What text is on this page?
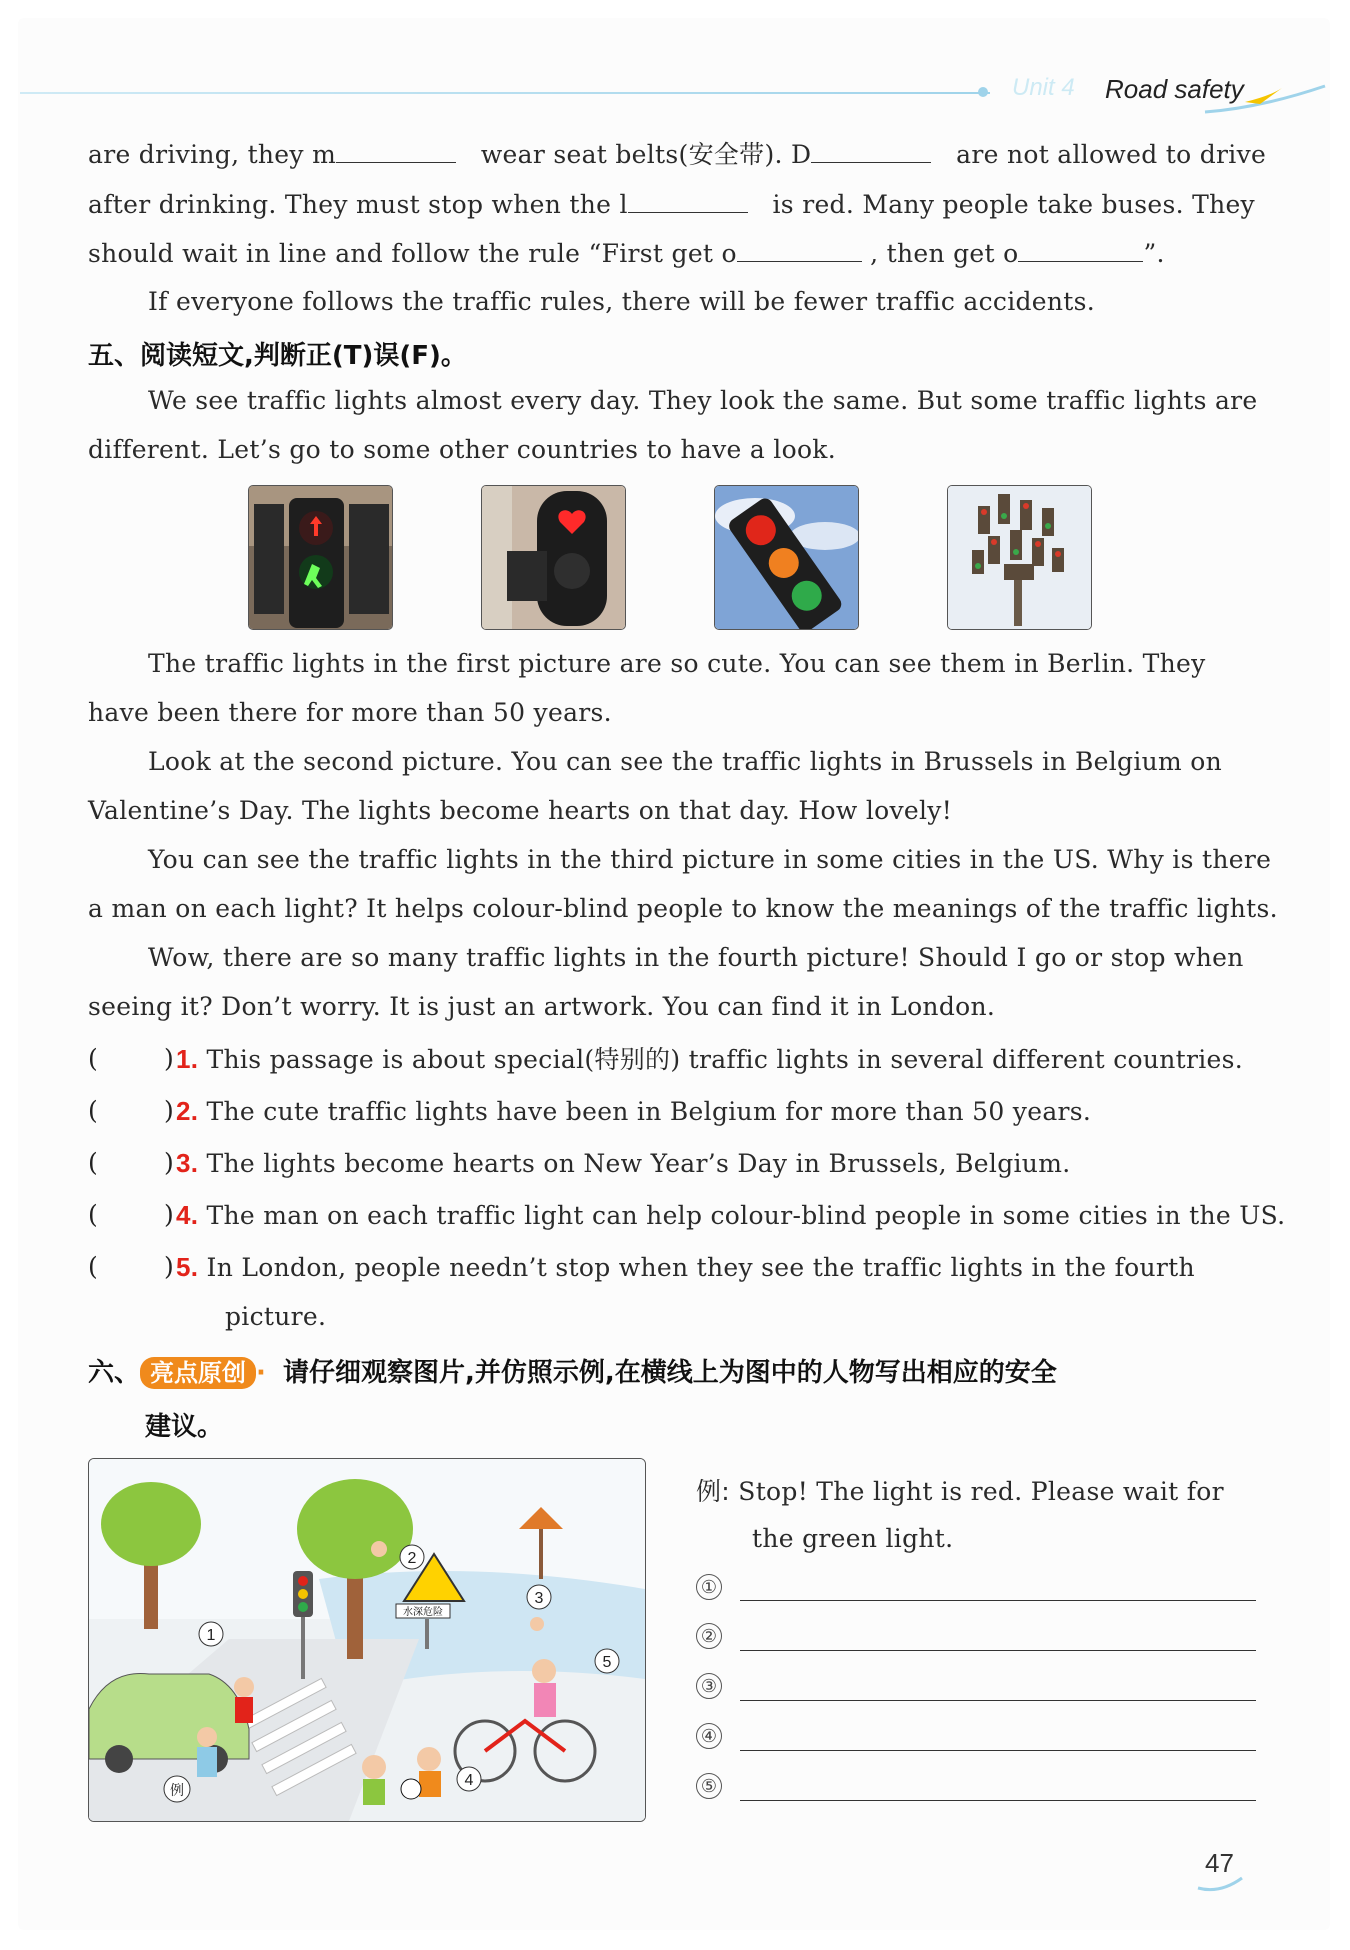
Unit 4 Road safety
are driving, they m	wear seat belts(安全带). D	are not allowed to drive
after drinking. They must stop when the l	is red. Many people take buses. They
should wait in line and follow the rule “First get o	, then get o	”.
If everyone follows the traffic rules, there will be fewer traffic accidents.
五、阅读短文,判断正(T)误(F)。
We see traffic lights almost every day. They look the same. But some traffic lights are
different. Let’s go to some other countries to have a look.
The traffic lights in the first picture are so cute. You can see them in Berlin. They
have been there for more than 50 years.
Look at the second picture. You can see the traffic lights in Brussels in Belgium on
Valentine’s Day. The lights become hearts on that day. How lovely!
You can see the traffic lights in the third picture in some cities in the US. Why is there
a man on each light? It helps colour-blind people to know the meanings of the traffic lights.
Wow, there are so many traffic lights in the fourth picture! Should I go or stop when
seeing it? Don’t worry. It is just an artwork. You can find it in London.
(	) 1. This passage is about special(特别的) traffic lights in several different countries.
(	) 2. The cute traffic lights have been in Belgium for more than 50 years.
(	) 3. The lights become hearts on New Year’s Day in Brussels, Belgium.
(	) 4. The man on each traffic light can help colour-blind people in some cities in the US.
(	) 5. In London, people needn’t stop when they see the traffic lights in the fourth
picture.
六、 亮点原创 · 请仔细观察图片,并仿照示例,在横线上为图中的人物写出相应的安全
建议。
水深危险
1
2
3
4
5
例
例: Stop! The light is red. Please wait for
the green light.
①
②
③
④
⑤
47
